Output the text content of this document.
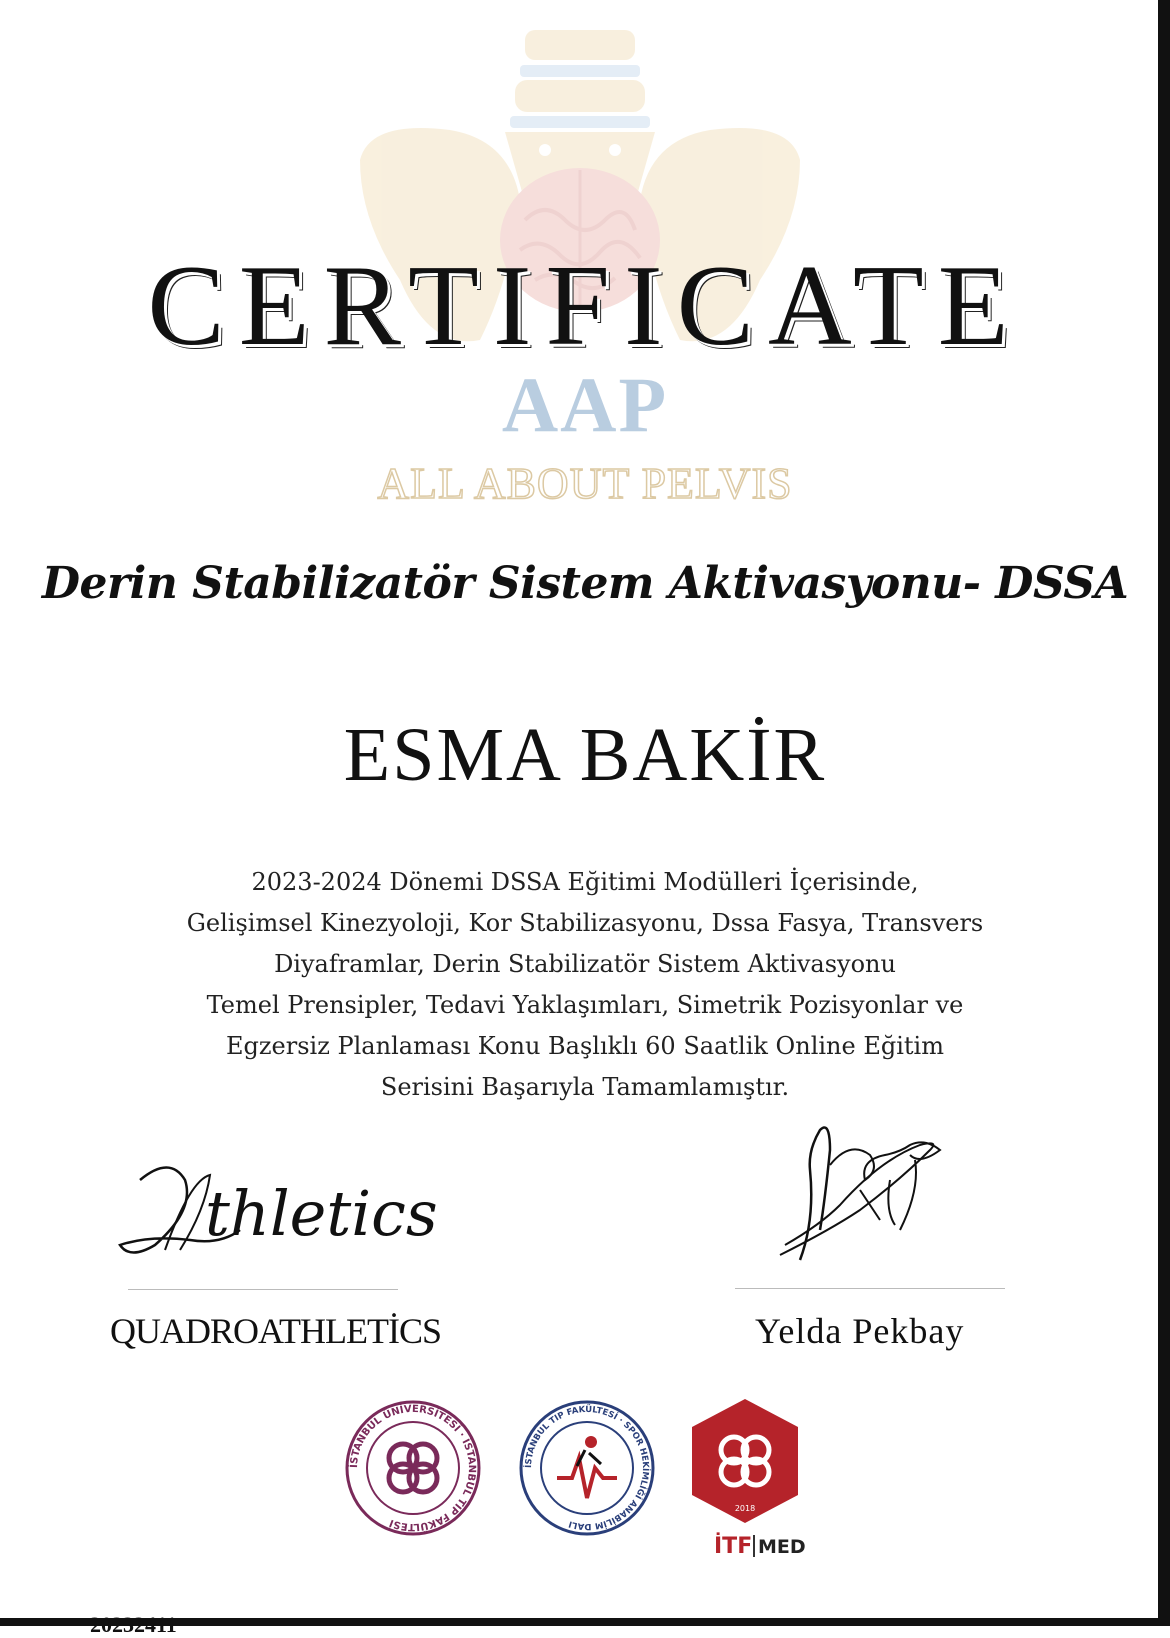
AAP
ALL ABOUT PELVIS
CERTIFICATE
Derin Stabilizatör Sistem Aktivasyonu- DSSA
ESMA BAKİR
2023-2024 Dönemi DSSA Eğitimi Modülleri İçerisinde,
Gelişimsel Kinezyoloji, Kor Stabilizasyonu, Dssa Fasya, Transvers
Diyaframlar, Derin Stabilizatör Sistem Aktivasyonu
Temel Prensipler, Tedavi Yaklaşımları, Simetrik Pozisyonlar ve
Egzersiz Planlaması Konu Başlıklı 60 Saatlik Online Eğitim
Serisini Başarıyla Tamamlamıştır.
thletics
QUADROATHLETİCS	Yelda Pekbay
İSTANBUL ÜNİVERSİTESİ · İSTANBUL TIP FAKÜLTESİ
İSTANBUL TIP FAKÜLTESİ · SPOR HEKİMLİĞİ ANABİLİM DALI
2018
İTF MED
